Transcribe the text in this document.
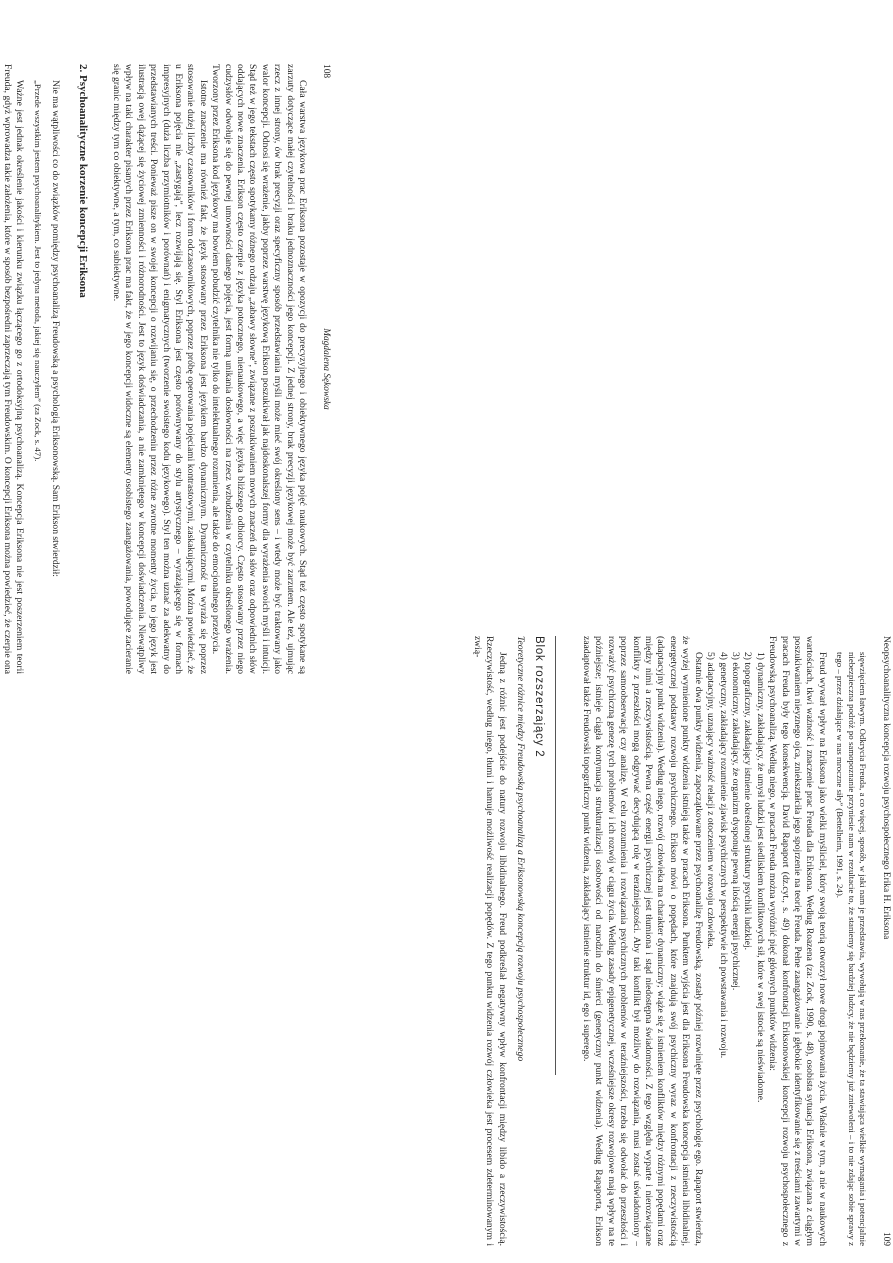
108
Magdalena Sękowska

Cała warstwa językowa prac Eriksona pozostaje w opozycji do precyzyjnego i obiektywnego języka pojęć naukowych. Stąd też często spotykane są zarzuty dotyczące małej czytelności i braku jednoznaczności jego koncepcji. Z jednej strony, brak precyzji językowej może być zarzutem. Ale też, ujmując rzecz z innej strony, ów brak precyzji oraz specyficzny sposób przedstawiania myśli może mieć swój określony sens – i wtedy może być traktowany jako walor koncepcji. Odnosi się wrażenie, jakby poprzez warstwę językową Erikson poszukiwał jak najdoskonalszej formy dla wyrażenia swoich myśli i intuicji. Stąd też w jego tekstach często spotykamy różnego rodzaju „zabawy słowne”, związane z poszukiwaniem nowych znaczeń dla słów oraz odpowiednich słów oddających nowe znaczenia. Erikson często czerpie z języka potocznego, nienaukowego, a więc języka bliższego odbiorcy. Często stosowany przez niego cudzysłów odwołuje się do pewnej umowności danego pojęcia, jest formą unikania dosłowności na rzecz wzbudzenia w czytelniku określonego wrażenia. Tworzony przez Eriksona kod językowy ma bowiem pobudzić czytelnika nie tylko do intelektualnego rozumienia, ale także do emocjonalnego przeżycia.

Istotne znaczenie ma również fakt, że język stosowany przez Eriksona jest językiem bardzo dynamicznym. Dynamiczność ta wyraża się poprzez stosowanie dużej liczby czasowników i form odczasownikowych, poprzez próbę operowania pojęciami kontrastowymi, zaskakującymi. Można powiedzieć, że u Eriksona pojęcia nie „zastygają”, lecz rozwijają się. Styl Eriksona jest często porównywany do stylu artystycznego – wyrażającego się w formach impresyjnych (duża liczba przymiotników i porównań) i enigmatycznych (tworzenie swoistego kodu językowego). Styl ten można uznać za adekwatny do przedstawianych treści. Ponieważ pisze on w swojej koncepcji o rozwijaniu się, o przechodzeniu przez różne zwrotne momenty życia, to jego język jest ilustracją owej dążącej się życiowej zmienności i różnorodności. Jest to język doświadczania, a nie zamkniętego w koncepcji doświadczenia. Niewątpliwy wpływ na taki charakter pisanych przez Eriksona prac ma fakt, że w jego koncepcji widoczne są elementy osobistego zaangażowania, powodujące zacieranie się granic między tym co obiektywne, a tym, co subiektywne.

2. Psychoanalityczne korzenie koncepcji Eriksona

Nie ma wątpliwości co do związków pomiędzy psychoanalizą Freudowską a psychologią Eriksonowską. Sam Erikson stwierdził:

„Przede wszystkim jestem psychoanalitykiem. Jest to jedyna metoda, jakiej się nauczyłem” (za Zock, s. 47).

Ważne jest jednak określenie jakości i kierunku związku łączącego go z ortodoksyjną psychoanalizą. Koncepcja Eriksona nie jest poszerzeniem teorii Freuda, gdyż wprowadza takie założenia, które w sposób bezpośredni zaprzeczają tym Freudowskim. O koncepcji Eriksona można powiedzieć, że czerpie ona	Neopsychoanalityczna koncepcja rozwoju psychospołecznego Erika H. Eriksona
109
sięwzięciem łatwym. Odkrycia Freuda, a co więcej, sposób, w jaki nam je przedstawia, wywołują w nas przekonanie, że ta stawiająca wielkie wymagania i potencjalnie niebezpieczna podróż po samopoznanie przyniesie nam w rezultacie to, że staniemy się bardziej ludzcy, że nie będziemy już zniewoleni – i to nie zdając sobie sprawy z tego – przez działające w nas mroczne siły” (Bettelheim, 1991, s. 24).

Freud wywarł wpływ na Eriksona jako wielki myśliciel, który swoją teorią otworzył nowe drogi pojmowania życia. Właśnie w tym, a nie w naukowych wartościach, tkwi ważność i znaczenie prac Freuda dla Eriksona. Według Roazena (za: Zock, 1990, s. 48), osobista sytuacja Eriksona, związana z ciągłym poszukiwaniem nieyznego ojca, zniekształciła jego spojrzenie na teorię Freuda. Pełne zaangażowanie i głębokie identyfikowanie się z treściami zawartymi w pracach Freuda były tego konsekwencją. David Rapaport (dz.cyt., s. 49) dokonał konfrontacji Eriksonowskiej koncepcji rozwoju psychospołecznego z Freudowską psychoanalizą. Według niego, w pracach Freuda można wyróżnić pięć głównych punktów widzenia:

1) dynamiczny, zakładający, że umysł ludzki jest siedliskiem konfliktowych sił, które w swej istocie są nieświadome.

2) topograficzny, zakładający istnienie określonej struktury psychiki ludzkiej.

3) ekonomiczny, zakładający, że organizm dysponuje pewną ilością energii psychicznej.

4) genetyczny, zakładający rozumienie zjawisk psychicznych w perspektywie ich powstawania i rozwoju.

5) adaptacyjny, uznający ważność relacji z otoczeniem w rozwoju człowieka.

Ostatnie dwa punkty widzenia, zapoczątkowane przez psychoanalizę Freudowską, zostały później rozwinięte przez psychologię ego. Rapaport stwierdza, że wyżej wymienione punkty widzenia istnieją także w pracach Eriksona. Punktem wyjścia jest dla Eriksona Freudowska koncepcja istnienia libidinalnej, energetycznej podstawy rozwoju psychicznego. Erikson mówi o popędach, które znajdują swój psychiczny wyraz w konfrontacji z rzeczywistością (adaptacyjny punkt widzenia). Według niego, rozwój człowieka ma charakter dynamiczny; wiąże się z istnieniem konfliktów między różnymi popędami oraz między nimi a rzeczywistością. Pewna część energii psychicznej jest tłumiona i stąd niedostępna świadomości. Z tego względu wyparte i nierozwiązane konflikty z przeszłości mogą odgrywać decydującą rolę w teraźniejszości. Aby taki konflikt był możliwy do rozwiązania, musi zostać uświadomiony – poprzez samoobserwację czy analizę. W celu zrozumienia i rozwiązania psychicznych problemów w teraźniejszości, trzeba się odwołać do przeszłości i rozważyć psychiczną genezę tych problemów i ich rozwój w ciągu życia. Według zasady epigenetycznej, wcześniejsze okresy rozwojowe mają wpływ na te późniejsze; istnieje ciągła kontynuacja strukturalizacji osobowości od narodzin do śmierci (genetyczny punkt widzenia). Według Rapaporta, Erikson zaadaptował także Freudowski topograficzny punkt widzenia, zakładający istnienie struktur id, ego i superego.

Blok rozszerzający 2
Teoretyczne różnice między Freudowską psychoanalizą a Eriksonowską koncepcją rozwoju psychospołecznego

Jedną z różnic jest podejście do natury rozwoju libidinalnego. Freud podkreślał negatywny wpływ konfrontacji między libido a rzeczywistością. Rzeczywistość, według niego, tłumi i hamuje możliwość realizacji popędów. Z tego punktu widzenia rozwój człowieka jest procesem zdeterminowanym i zwią-
